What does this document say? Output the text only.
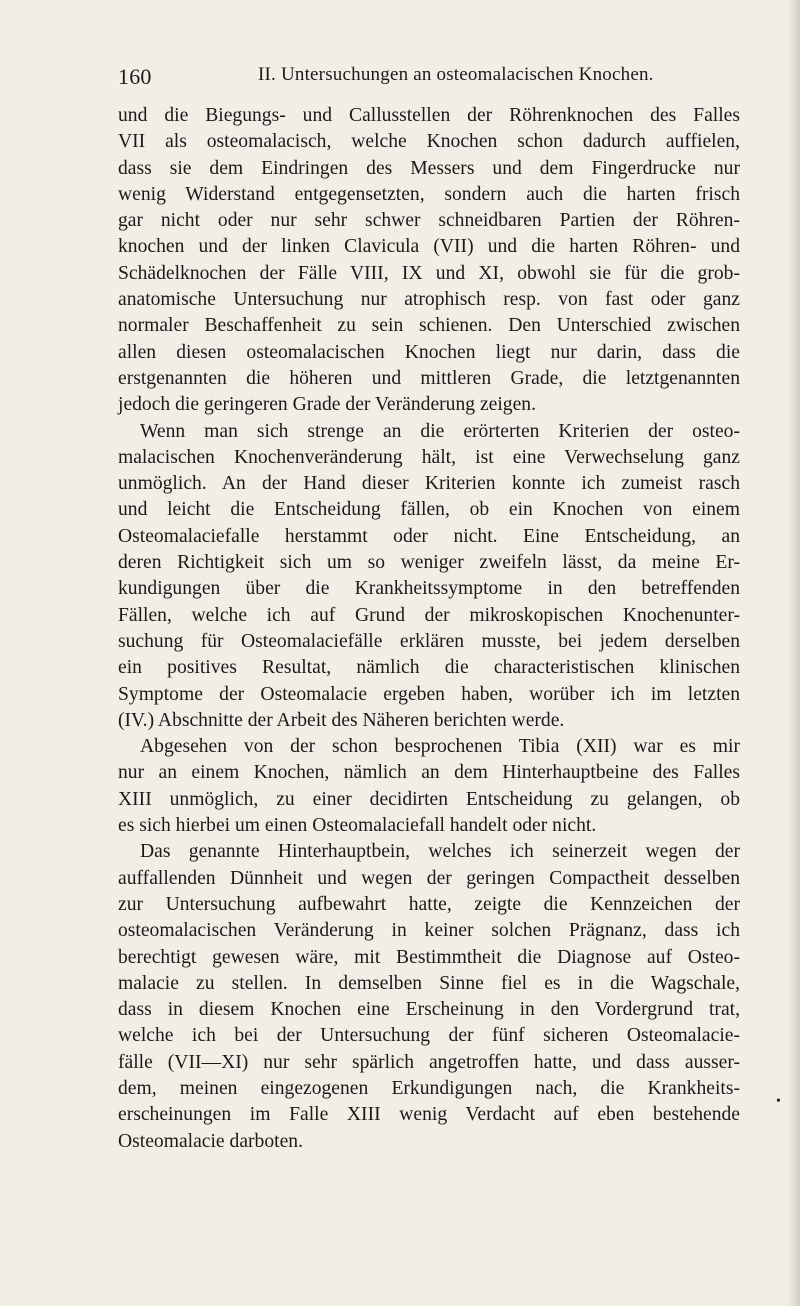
160	II. Untersuchungen an osteomalacischen Knochen.
und die Biegungs- und Callusstellen der Röhrenknochen des Falles
VII als osteomalacisch, welche Knochen schon dadurch auffielen,
dass sie dem Eindringen des Messers und dem Fingerdrucke nur
wenig Widerstand entgegensetzten, sondern auch die harten frisch
gar nicht oder nur sehr schwer schneidbaren Partien der Röhren-
knochen und der linken Clavicula (VII) und die harten Röhren- und
Schädelknochen der Fälle VIII, IX und XI, obwohl sie für die grob-
anatomische Untersuchung nur atrophisch resp. von fast oder ganz
normaler Beschaffenheit zu sein schienen. Den Unterschied zwischen
allen diesen osteomalacischen Knochen liegt nur darin, dass die
erstgenannten die höheren und mittleren Grade, die letztgenannten
jedoch die geringeren Grade der Veränderung zeigen.
Wenn man sich strenge an die erörterten Kriterien der osteo-
malacischen Knochenveränderung hält, ist eine Verwechselung ganz
unmöglich. An der Hand dieser Kriterien konnte ich zumeist rasch
und leicht die Entscheidung fällen, ob ein Knochen von einem
Osteomalaciefalle herstammt oder nicht. Eine Entscheidung, an
deren Richtigkeit sich um so weniger zweifeln lässt, da meine Er-
kundigungen über die Krankheitssymptome in den betreffenden
Fällen, welche ich auf Grund der mikroskopischen Knochenunter-
suchung für Osteomalaciefälle erklären musste, bei jedem derselben
ein positives Resultat, nämlich die characteristischen klinischen
Symptome der Osteomalacie ergeben haben, worüber ich im letzten
(IV.) Abschnitte der Arbeit des Näheren berichten werde.
Abgesehen von der schon besprochenen Tibia (XII) war es mir
nur an einem Knochen, nämlich an dem Hinterhauptbeine des Falles
XIII unmöglich, zu einer decidirten Entscheidung zu gelangen, ob
es sich hierbei um einen Osteomalaciefall handelt oder nicht.
Das genannte Hinterhauptbein, welches ich seinerzeit wegen der
auffallenden Dünnheit und wegen der geringen Compactheit desselben
zur Untersuchung aufbewahrt hatte, zeigte die Kennzeichen der
osteomalacischen Veränderung in keiner solchen Prägnanz, dass ich
berechtigt gewesen wäre, mit Bestimmtheit die Diagnose auf Osteo-
malacie zu stellen. In demselben Sinne fiel es in die Wagschale,
dass in diesem Knochen eine Erscheinung in den Vordergrund trat,
welche ich bei der Untersuchung der fünf sicheren Osteomalacie-
fälle (VII—XI) nur sehr spärlich angetroffen hatte, und dass ausser-
dem, meinen eingezogenen Erkundigungen nach, die Krankheits-
erscheinungen im Falle XIII wenig Verdacht auf eben bestehende
Osteomalacie darboten.
•
